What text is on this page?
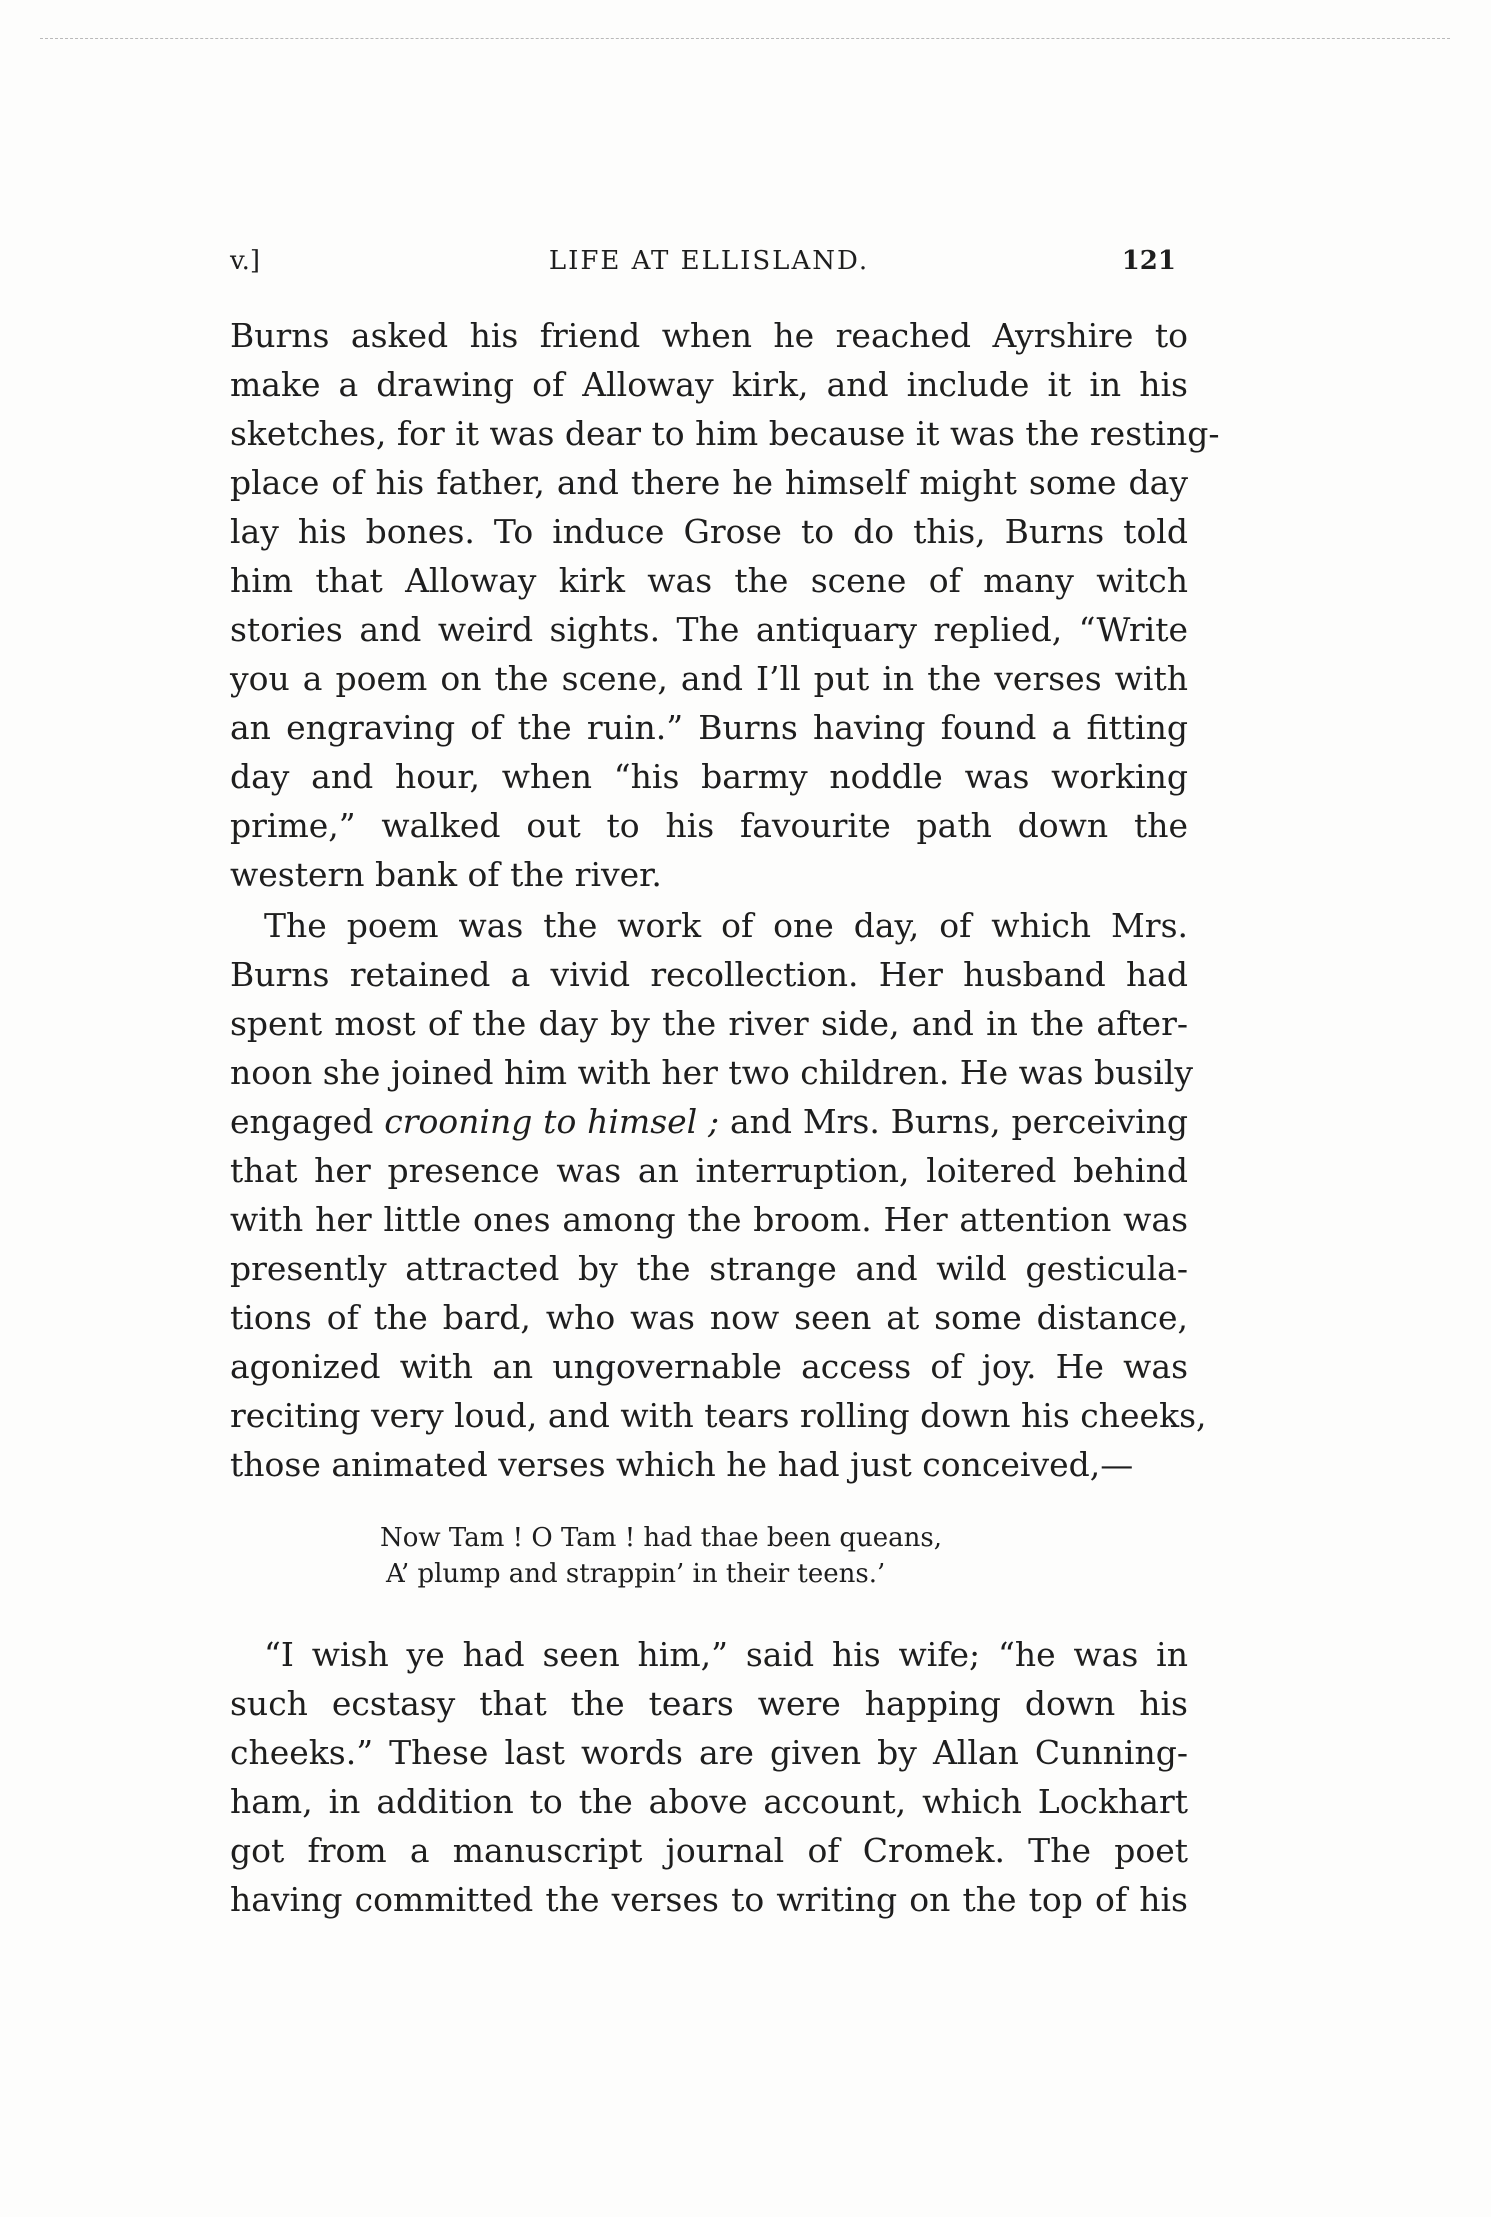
v.]	LIFE AT ELLISLAND.	121
Burns asked his friend when he reached Ayrshire to
make a drawing of Alloway kirk, and include it in his
sketches, for it was dear to him because it was the resting-
place of his father, and there he himself might some day
lay his bones. To induce Grose to do this, Burns told
him that Alloway kirk was the scene of many witch
stories and weird sights. The antiquary replied, “Write
you a poem on the scene, and I’ll put in the verses with
an engraving of the ruin.” Burns having found a fitting
day and hour, when “his barmy noddle was working
prime,” walked out to his favourite path down the
western bank of the river.
The poem was the work of one day, of which Mrs.
Burns retained a vivid recollection. Her husband had
spent most of the day by the river side, and in the after-
noon she joined him with her two children. He was busily
engaged crooning to himsel ; and Mrs. Burns, perceiving
that her presence was an interruption, loitered behind
with her little ones among the broom. Her attention was
presently attracted by the strange and wild gesticula-
tions of the bard, who was now seen at some distance,
agonized with an ungovernable access of joy. He was
reciting very loud, and with tears rolling down his cheeks,
those animated verses which he had just conceived,—
Now Tam ! O Tam ! had thae been queans,
A’ plump and strappin’ in their teens.’
“I wish ye had seen him,” said his wife; “he was in
such ecstasy that the tears were happing down his
cheeks.” These last words are given by Allan Cunning-
ham, in addition to the above account, which Lockhart
got from a manuscript journal of Cromek. The poet
having committed the verses to writing on the top of his
